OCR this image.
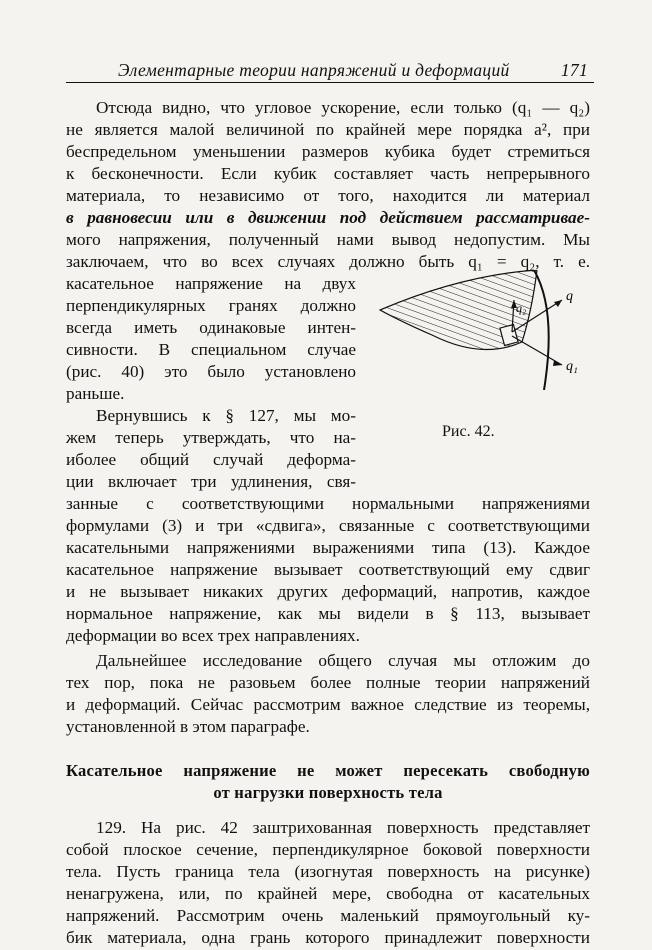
Элементарные теории напряжений и деформаций	171
Отсюда видно, что угловое ускорение, если только (q₁ — q₂)
не является малой величиной по крайней мере порядка a², при
беспредельном уменьшении размеров кубика будет стремиться
к бесконечности. Если кубик составляет часть непрерывного
материала, то независимо от того, находится ли материал
в равновесии или в движении под действием рассматривае-
мого напряжения, полученный нами вывод недопустим. Мы
заключаем, что во всех случаях должно быть q₁ = q₂, т. е.
касательное напряжение на двух
перпендикулярных гранях должно
всегда иметь одинаковые интен-
сивности. В специальном случае
(рис. 40) это было установлено
раньше.
Вернувшись к § 127, мы мо-
жем теперь утверждать, что на-
иболее общий случай деформа-
ции включает три удлинения, свя-
занные с соответствующими нормальными напряжениями
формулами (3) и три «сдвига», связанные с соответствующими
касательными напряжениями выражениями типа (13). Каждое
касательное напряжение вызывает соответствующий ему сдвиг
и не вызывает никаких других деформаций, напротив, каждое
нормальное напряжение, как мы видели в § 113, вызывает
деформации во всех трех направлениях.
Дальнейшее исследование общего случая мы отложим до
тех пор, пока не разовьем более полные теории напряжений
и деформаций. Сейчас рассмотрим важное следствие из теоремы,
установленной в этом параграфе.
Касательное напряжение не может пересекать свободную
от нагрузки поверхность тела
129. На рис. 42 заштрихованная поверхность представляет
собой плоское сечение, перпендикулярное боковой поверхности
тела. Пусть граница тела (изогнутая поверхность на рисунке)
ненагружена, или, по крайней мере, свободна от касательных
напряжений. Рассмотрим очень маленький прямоугольный ку-
бик материала, одна грань которого принадлежит поверхности
q
q₂
q₁
Рис. 42.
